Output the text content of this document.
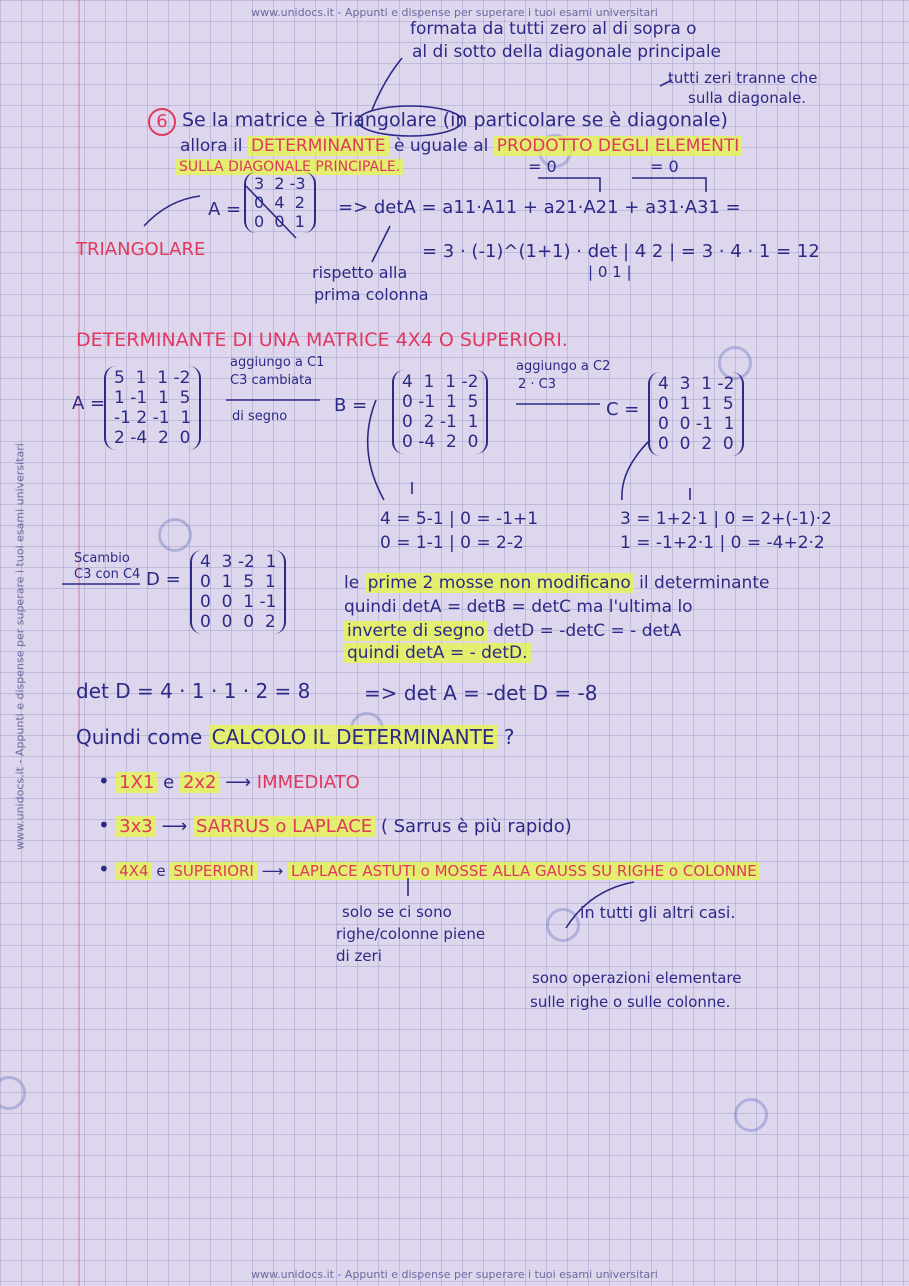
www.unidocs.it - Appunti e dispense per superare i tuoi esami universitari
www.unidocs.it - Appunti e dispense per superare i tuoi esami universitari
www.unidocs.it - Appunti e dispense per superare i tuoi esami universitari
formata da tutti zero al di sopra o
al di sotto della diagonale principale
tutti zeri tranne che
sulla diagonale.
6 Se la matrice è Triangolare (in particolare se è diagonale)
allora il DETERMINANTE è uguale al PRODOTTO DEGLI ELEMENTI
SULLA DIAGONALE PRINCIPALE.
A =
3  2 -3
0  4  2
0  0  1
= 0	= 0
=> detA = a11·A11 + a21·A21 + a31·A31 =
TRIANGOLARE	= 3 · (-1)^(1+1) · det | 4 2 | = 3 · 4 · 1 = 12
| 0 1 |
rispetto alla
prima colonna
DETERMINANTE DI UNA MATRICE 4X4 O SUPERIORI.
A =
5  1  1 -2
1 -1  1  5
-1 2 -1  1
2 -4  2  0
aggiungo a C1
C3 cambiata
di segno
B =
4  1  1 -2
0 -1  1  5
0  2 -1  1
0 -4  2  0
aggiungo a C2
2 · C3
C =
4  3  1 -2
0  1  1  5
0  0 -1  1
0  0  2  0
4 = 5-1 | 0 = -1+1
0 = 1-1 | 0 = 2-2
3 = 1+2·1 | 0 = 2+(-1)·2
1 = -1+2·1 | 0 = -4+2·2
Scambio
C3 con C4 D =
4  3 -2  1
0  1  5  1
0  0  1 -1
0  0  0  2
le prime 2 mosse non modificano il determinante
quindi detA = detB = detC ma l'ultima lo
inverte di segno detD = -detC = - detA
quindi detA = - detD.
det D = 4 · 1 · 1 · 2 = 8	=> det A = -det D = -8
Quindi come CALCOLO IL DETERMINANTE ?
• 1X1 e 2x2 ⟶ IMMEDIATO
• 3x3 ⟶ SARRUS o LAPLACE ( Sarrus è più rapido)
• 4X4 e SUPERIORI ⟶ LAPLACE ASTUTI o MOSSE ALLA GAUSS SU RIGHE o COLONNE
solo se ci sono
righe/colonne piene
di zeri
in tutti gli altri casi.
sono operazioni elementare
sulle righe o sulle colonne.
